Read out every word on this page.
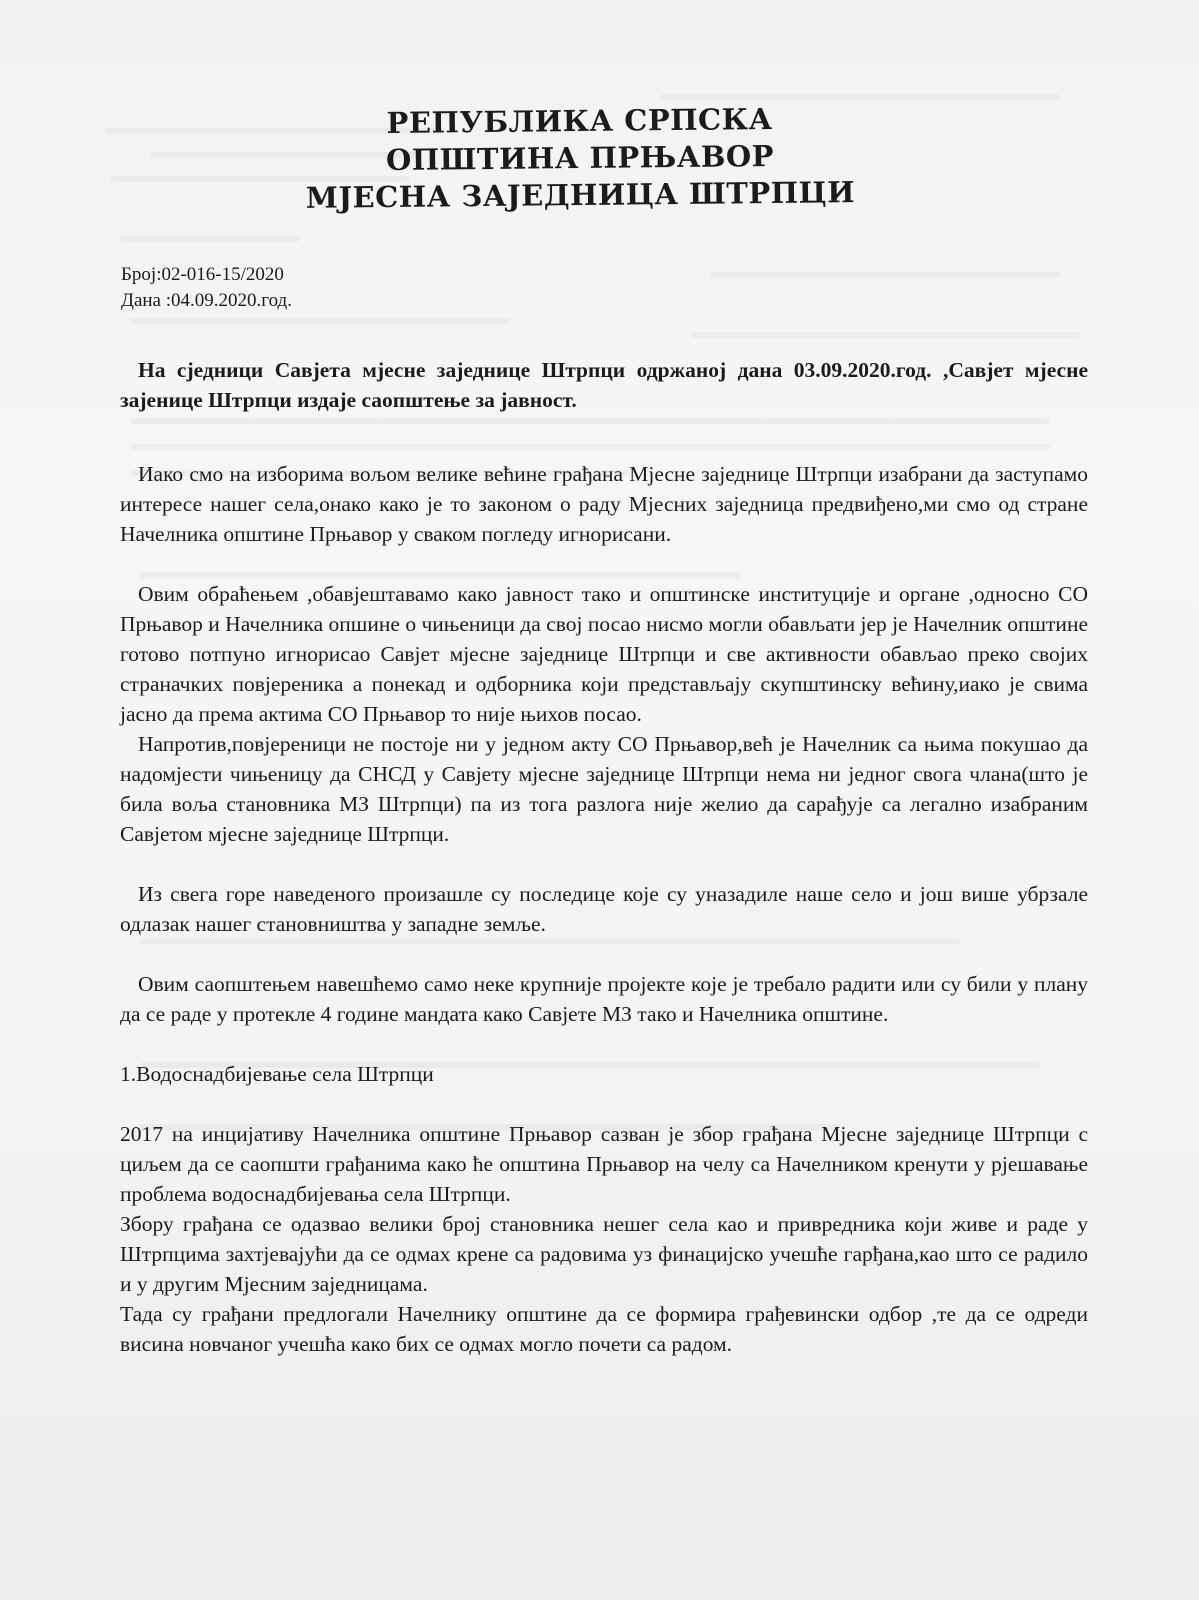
РЕПУБЛИКА СРПСКА
ОПШТИНА ПРЊАВОР
МЈЕСНА ЗАЈЕДНИЦА ШТРПЦИ
Број:02-016-15/2020
Дана :04.09.2020.год.

На сједници Савјета мјесне заједнице Штрпци одржаној дана 03.09.2020.год. ,Савјет мјесне зајенице Штрпци издаје саопштење за јавност.

Иако смо на изборима вољом велике већине грађана Мјесне заједнице Штрпци изабрани да заступамо интересе нашег села,онако како је то законом о раду Мјесних заједница предвиђено,ми смо од стране Начелника општине Прњавор у сваком погледу игнорисани.

Овим обраћењем ,обавјештавамо како јавност тако и општинске институције и органе ,односно СО Прњавор и Начелника опшине о чињеници да свој посао нисмо могли обављати јер је Начелник општине готово потпуно игнорисао Савјет мјесне заједнице Штрпци и све активности обављао преко својих страначких повјереника а понекад и одборника који представљају скупштинску већину,иако је свима јасно да према актима СО Прњавор то није њихов посао.

Напротив,повјереници не постоје ни у једном акту СО Прњавор,већ је Начелник са њима покушао да надомјести чињеницу да СНСД у Савјету мјесне заједнице Штрпци нема ни једног свога члана(што је била воља становника МЗ Штрпци) па из тога разлога није желио да сарађује са легално изабраним Савјетом мјесне заједнице Штрпци.

Из свега горе наведеного произашле су последице које су уназадиле наше село и још више убрзале одлазак нашег становништва у западне земље.

Овим саопштењем навешћемо само неке крупније пројекте које је требало радити или су били у плану да се раде у протекле 4 године мандата како Савјете МЗ тако и Начелника општине.

1.Водоснадбијевање села Штрпци

2017 на инцијативу Начелника општине Прњавор сазван је збор грађана Мјесне заједнице Штрпци с циљем да се саопшти грађанима како ће општина Прњавор на челу са Начелником кренути у рјешавање проблема водоснадбијевања села Штрпци.

Збору грађана се одазвао велики број становника нешег села као и привредника који живе и раде у Штрпцима захтјевајући да се одмах крене са радовима уз финацијско учешће гарђана,као што се радило и у другим Мјесним заједницама.

Тада су грађани предлогали Начелнику општине да се формира грађевински одбор ,те да се одреди висина новчаног учешћа како бих се одмах могло почети са радом.
